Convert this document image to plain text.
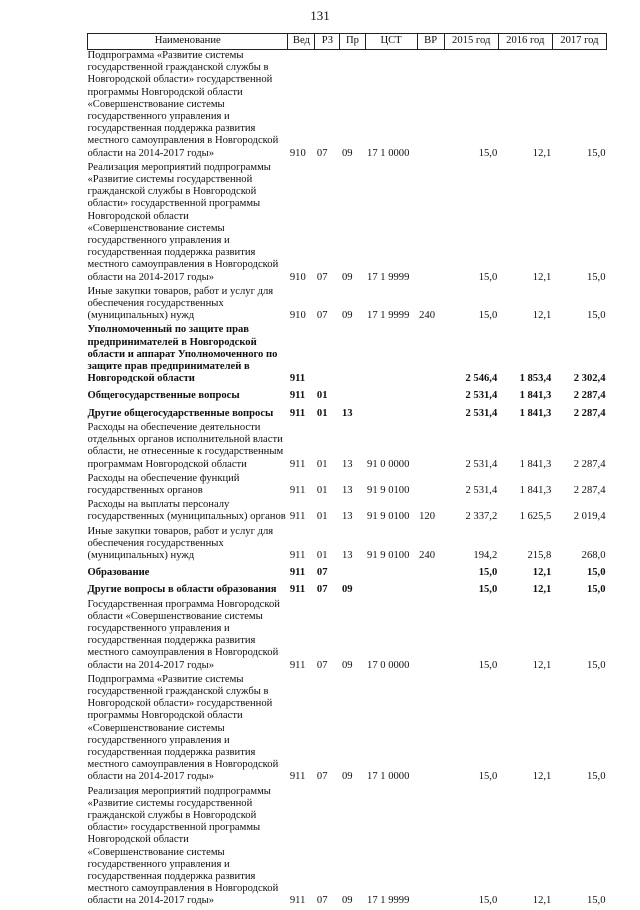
131
Наименование	Вед	РЗ	Пр	ЦСТ	ВР	2015 год	2016 год	2017 год
Подпрограмма «Развитие системы государственной гражданской службы в Новгородской области» государственной программы Новгородской области «Совершенствование системы государственного управления и государственная поддержка развития местного самоуправления в Новгородской области на 2014-2017 годы»	910	07	09	17 1 0000		15,0	12,1	15,0
Реализация мероприятий подпрограммы «Развитие системы государственной гражданской службы в Новгородской области» государственной программы Новгородской области «Совершенствование системы государственного управления и государственная поддержка развития местного самоуправления в Новгородской области на 2014-2017 годы»	910	07	09	17 1 9999		15,0	12,1	15,0
Иные закупки товаров, работ и услуг для обеспечения государственных (муниципальных) нужд	910	07	09	17 1 9999	240	15,0	12,1	15,0
Уполномоченный по защите прав предпринимателей в Новгородской области и аппарат Уполномоченного по защите прав предпринимателей в Новгородской области	911					2 546,4	1 853,4	2 302,4
Общегосударственные вопросы	911	01				2 531,4	1 841,3	2 287,4
Другие общегосударственные вопросы	911	01	13			2 531,4	1 841,3	2 287,4
Расходы на обеспечение деятельности отдельных органов исполнительной власти области, не отнесенные к государственным программам Новгородской области	911	01	13	91 0 0000		2 531,4	1 841,3	2 287,4
Расходы на обеспечение функций государственных органов	911	01	13	91 9 0100		2 531,4	1 841,3	2 287,4
Расходы на выплаты персоналу государственных (муниципальных) органов	911	01	13	91 9 0100	120	2 337,2	1 625,5	2 019,4
Иные закупки товаров, работ и услуг для обеспечения государственных (муниципальных) нужд	911	01	13	91 9 0100	240	194,2	215,8	268,0
Образование	911	07				15,0	12,1	15,0
Другие вопросы в области образования	911	07	09			15,0	12,1	15,0
Государственная программа Новгородской области «Совершенствование системы государственного управления и государственная поддержка развития местного самоуправления в Новгородской области на 2014-2017 годы»	911	07	09	17 0 0000		15,0	12,1	15,0
Подпрограмма «Развитие системы государственной гражданской службы в Новгородской области» государственной программы Новгородской области «Совершенствование системы государственного управления и государственная поддержка развития местного самоуправления в Новгородской области на 2014-2017 годы»	911	07	09	17 1 0000		15,0	12,1	15,0
Реализация мероприятий подпрограммы «Развитие системы государственной гражданской службы в Новгородской области» государственной программы Новгородской области «Совершенствование системы государственного управления и государственная поддержка развития местного самоуправления в Новгородской области на 2014-2017 годы»	911	07	09	17 1 9999		15,0	12,1	15,0
